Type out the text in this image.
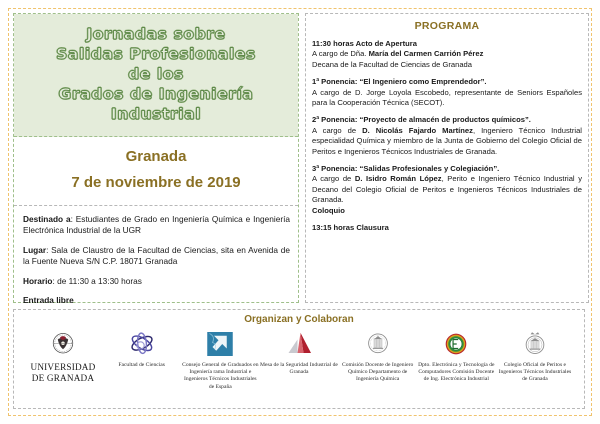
Jornadas sobre
Salidas Profesionales
de los
Grados de Ingeniería
Industrial
Granada
7 de noviembre de 2019
Destinado a: Estudiantes de Grado en Ingeniería Química e Ingeniería Electrónica Industrial de la UGR
Lugar: Sala de Claustro de la Facultad de Ciencias, sita en Avenida de la Fuente Nueva S/N C.P. 18071 Granada
Horario: de 11:30 a 13:30 horas
Entrada libre
PROGRAMA
11:30 horas Acto de Apertura
A cargo de Dña. María del Carmen Carrión Pérez
Decana de la Facultad de Ciencias de Granada
1ª Ponencia: “El Ingeniero como Emprendedor”.
A cargo de D. Jorge Loyola Escobedo, representante de Seniors Españoles para la Cooperación Técnica (SECOT).
2ª Ponencia: “Proyecto de almacén de productos químicos”.
A cargo de D. Nicolás Fajardo Martínez, Ingeniero Técnico Industrial especialidad Química y miembro de la Junta de Gobierno del Colegio Oficial de Peritos e Ingenieros Técnicos Industriales de Granada.
3ª Ponencia: “Salidas Profesionales y Colegiación”.
A cargo de D. Isidro Román López, Perito e Ingeniero Técnico Industrial y Decano del Colegio Oficial de Peritos e Ingenieros Técnicos Industriales de Granada.
Coloquio
13:15 horas Clausura
Organizan y Colaboran
UNIVERSIDAD
DE GRANADA
Facultad de Ciencias	Consejo General de Graduados en Ingeniería rama Industrial e Ingenieros Técnicos Industriales de España
Mesa de la Seguridad Industrial de Granada
Comisión Docente de Ingeniero Químico Departamento de Ingeniería Química
Dpto. Electrónica y Tecnología de Computadores Comisión Docente de Ing. Electrónica Industrial
Colegio Oficial de Peritos e Ingenieros Técnicos Industriales de Granada
